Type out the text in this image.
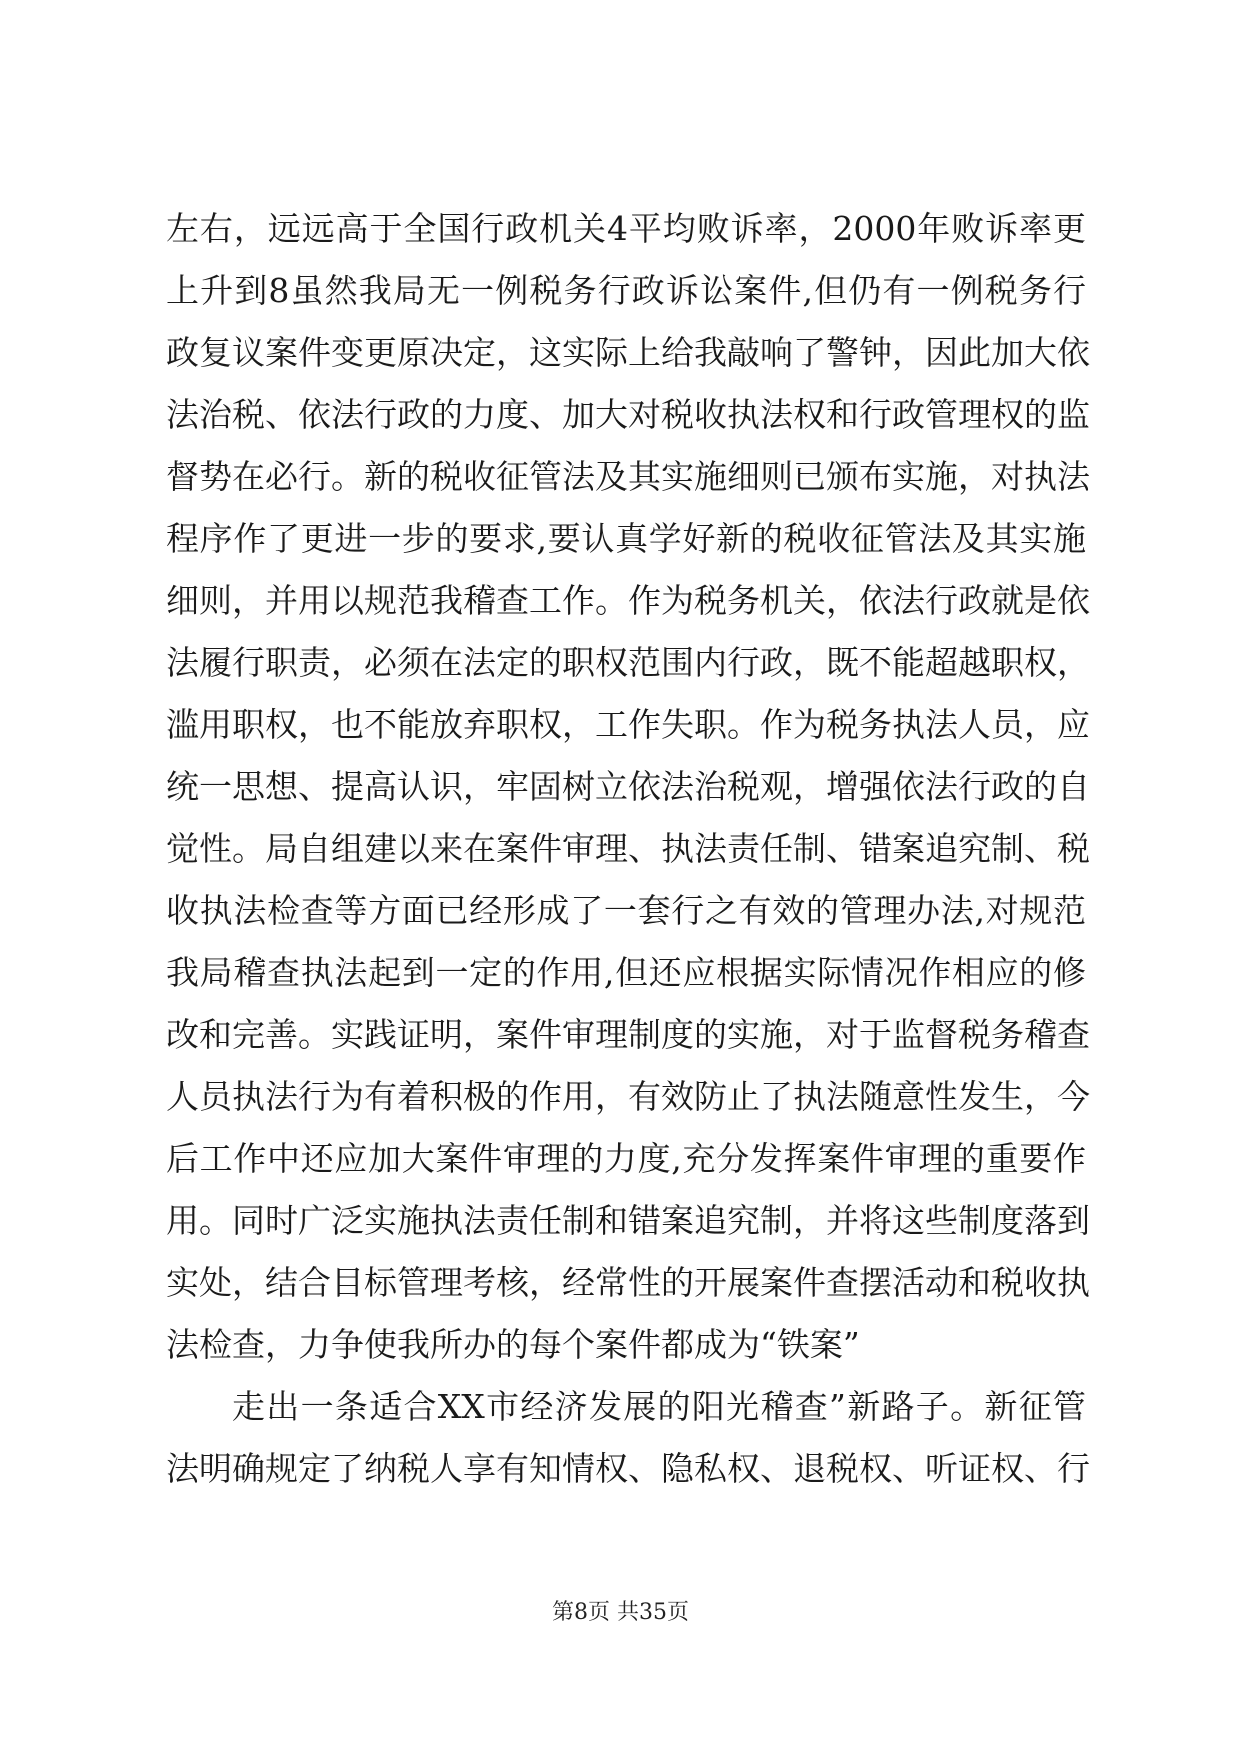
左右，远远高于全国行政机关4平均败诉率，2000年败诉率更
上升到8虽然我局无一例税务行政诉讼案件,但仍有一例税务行
政复议案件变更原决定，这实际上给我敲响了警钟，因此加大依
法治税、依法行政的力度、加大对税收执法权和行政管理权的监
督势在必行。新的税收征管法及其实施细则已颁布实施，对执法
程序作了更进一步的要求,要认真学好新的税收征管法及其实施
细则，并用以规范我稽查工作。作为税务机关，依法行政就是依
法履行职责，必须在法定的职权范围内行政，既不能超越职权，
滥用职权，也不能放弃职权，工作失职。作为税务执法人员，应
统一思想、提高认识，牢固树立依法治税观，增强依法行政的自
觉性。局自组建以来在案件审理、执法责任制、错案追究制、税
收执法检查等方面已经形成了一套行之有效的管理办法,对规范
我局稽查执法起到一定的作用,但还应根据实际情况作相应的修
改和完善。实践证明，案件审理制度的实施，对于监督税务稽查
人员执法行为有着积极的作用，有效防止了执法随意性发生，今
后工作中还应加大案件审理的力度,充分发挥案件审理的重要作
用。同时广泛实施执法责任制和错案追究制，并将这些制度落到
实处，结合目标管理考核，经常性的开展案件查摆活动和税收执
法检查，力争使我所办的每个案件都成为“铁案”
走出一条适合XX市经济发展的阳光稽查”新路子。新征管
法明确规定了纳税人享有知情权、隐私权、退税权、听证权、行
第8页 共35页
